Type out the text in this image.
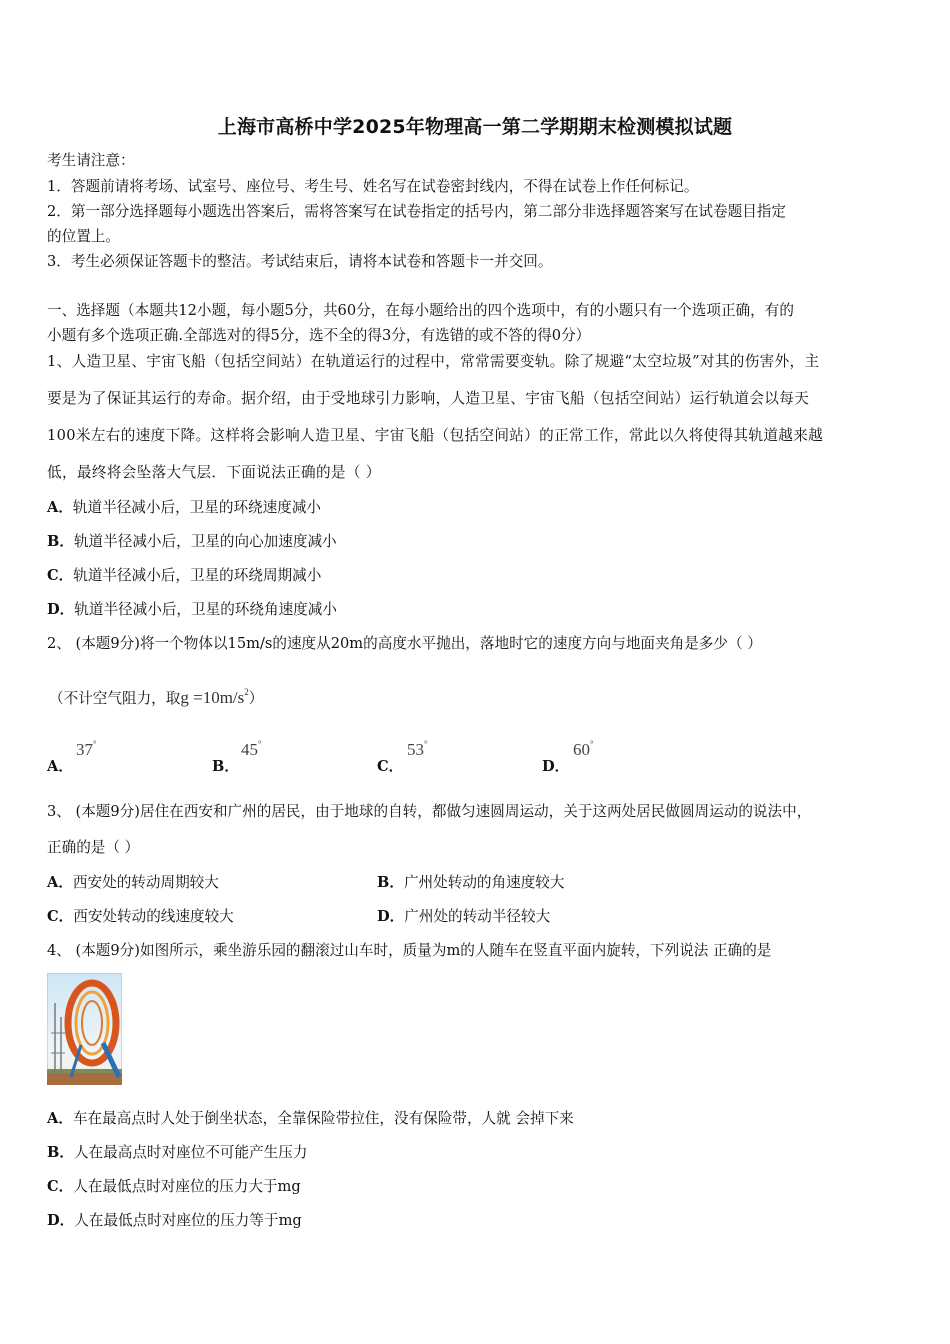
上海市高桥中学2025年物理高一第二学期期末检测模拟试题
考生请注意：
1．答题前请将考场、试室号、座位号、考生号、姓名写在试卷密封线内，不得在试卷上作任何标记。
2．第一部分选择题每小题选出答案后，需将答案写在试卷指定的括号内，第二部分非选择题答案写在试卷题目指定
的位置上。
3．考生必须保证答题卡的整洁。考试结束后，请将本试卷和答题卡一并交回。
一、选择题（本题共12小题，每小题5分，共60分，在每小题给出的四个选项中，有的小题只有一个选项正确，有的
小题有多个选项正确.全部选对的得5分，选不全的得3分，有选错的或不答的得0分）
1、人造卫星、宇宙飞船（包括空间站）在轨道运行的过程中，常常需要变轨。除了规避“太空垃圾”对其的伤害外，主
要是为了保证其运行的寿命。据介绍，由于受地球引力影响，人造卫星、宇宙飞船（包括空间站）运行轨道会以每天
100米左右的速度下降。这样将会影响人造卫星、宇宙飞船（包括空间站）的正常工作，常此以久将使得其轨道越来越
低，最终将会坠落大气层．下面说法正确的是（ ）
A．轨道半径减小后，卫星的环绕速度减小
B．轨道半径减小后，卫星的向心加速度减小
C．轨道半径减小后，卫星的环绕周期减小
D．轨道半径减小后，卫星的环绕角速度减小
2、 (本题9分)将一个物体以15m/s的速度从20m的高度水平抛出，落地时它的速度方向与地面夹角是多少（ ）
（不计空气阻力，取$g =10m/s^2$）
A．
37°
B．
45°
C．
53°
D．
60°
3、 (本题9分)居住在西安和广州的居民，由于地球的自转，都做匀速圆周运动，关于这两处居民做圆周运动的说法中，
正确的是（ ）
A．西安处的转动周期较大	B．广州处转动的角速度较大
C．西安处转动的线速度较大	D．广州处的转动半径较大
4、 (本题9分)如图所示，乘坐游乐园的翻滚过山车时，质量为m的人随车在竖直平面内旋转，下列说法 正确的是
A．车在最高点时人处于倒坐状态，全靠保险带拉住，没有保险带，人就 会掉下来
B．人在最高点时对座位不可能产生压力
C．人在最低点时对座位的压力大于mg
D．人在最低点时对座位的压力等于mg
